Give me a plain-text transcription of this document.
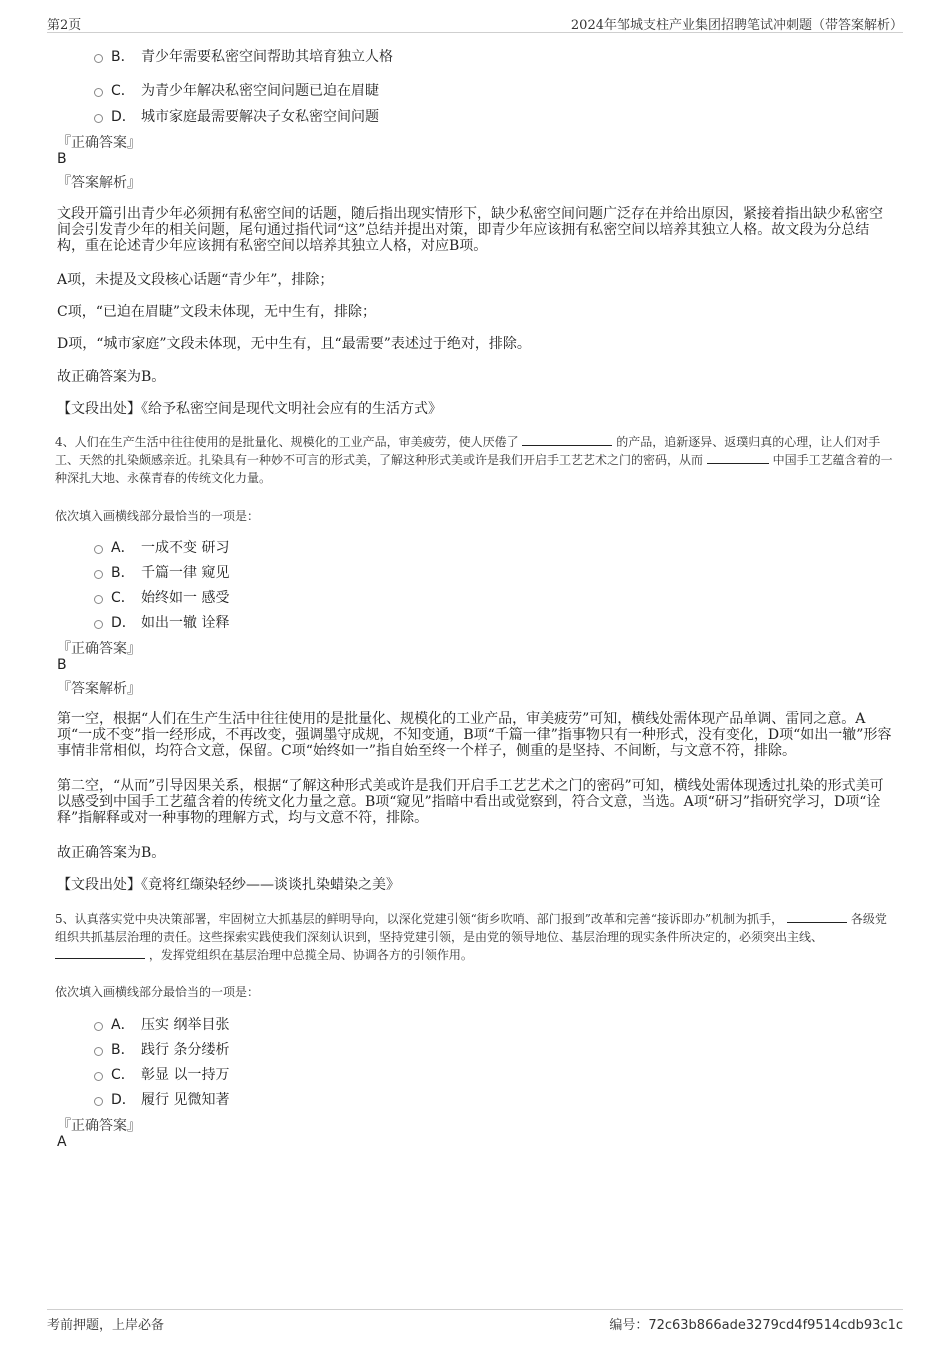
第2页	2024年邹城支柱产业集团招聘笔试冲刺题（带答案解析）
B． 青少年需要私密空间帮助其培育独立人格
C． 为青少年解决私密空间问题已迫在眉睫
D． 城市家庭最需要解决子女私密空间问题
『正确答案』
B
『答案解析』
文段开篇引出青少年必须拥有私密空间的话题，随后指出现实情形下，缺少私密空间问题广泛存在并给出原因，紧接着指出缺少私密空间会引发青少年的相关问题，尾句通过指代词“这”总结并提出对策，即青少年应该拥有私密空间以培养其独立人格。故文段为分总结构，重在论述青少年应该拥有私密空间以培养其独立人格，对应B项。
A项，未提及文段核心话题“青少年”，排除；
C项，“已迫在眉睫”文段未体现，无中生有，排除；
D项，“城市家庭”文段未体现，无中生有，且“最需要”表述过于绝对，排除。
故正确答案为B。
【文段出处】《给予私密空间是现代文明社会应有的生活方式》
4、人们在生产生活中往往使用的是批量化、规模化的工业产品，审美疲劳，使人厌倦了	的产品，追新逐异、返璞归真的心理，让人们对手工、天然的扎染颇感亲近。扎染具有一种妙不可言的形式美，了解这种形式美或许是我们开启手工艺艺术之门的密码，从而	中国手工艺蕴含着的一种深扎大地、永葆青春的传统文化力量。
依次填入画横线部分最恰当的一项是：
A． 一成不变 研习
B． 千篇一律 窥见
C． 始终如一 感受
D． 如出一辙 诠释
『正确答案』
B
『答案解析』
第一空，根据“人们在生产生活中往往使用的是批量化、规模化的工业产品，审美疲劳”可知，横线处需体现产品单调、雷同之意。A项“一成不变”指一经形成，不再改变，强调墨守成规，不知变通，B项“千篇一律”指事物只有一种形式，没有变化，D项“如出一辙”形容事情非常相似，均符合文意，保留。C项“始终如一”指自始至终一个样子，侧重的是坚持、不间断，与文意不符，排除。
第二空，“从而”引导因果关系，根据“了解这种形式美或许是我们开启手工艺艺术之门的密码”可知，横线处需体现透过扎染的形式美可以感受到中国手工艺蕴含着的传统文化力量之意。B项“窥见”指暗中看出或觉察到，符合文意，当选。A项“研习”指研究学习，D项“诠释”指解释或对一种事物的理解方式，均与文意不符，排除。
故正确答案为B。
【文段出处】《竟将红缬染轻纱——谈谈扎染蜡染之美》
5、认真落实党中央决策部署，牢固树立大抓基层的鲜明导向，以深化党建引领“街乡吹哨、部门报到”改革和完善“接诉即办”机制为抓手，	各级党组织共抓基层治理的责任。这些探索实践使我们深刻认识到，坚持党建引领，是由党的领导地位、基层治理的现实条件所决定的，必须突出主线、  ，发挥党组织在基层治理中总揽全局、协调各方的引领作用。
依次填入画横线部分最恰当的一项是：
A． 压实 纲举目张
B． 践行 条分缕析
C． 彰显 以一持万
D． 履行 见微知著
『正确答案』
A
考前押题，上岸必备	编号：72c63b866ade3279cd4f9514cdb93c1c
